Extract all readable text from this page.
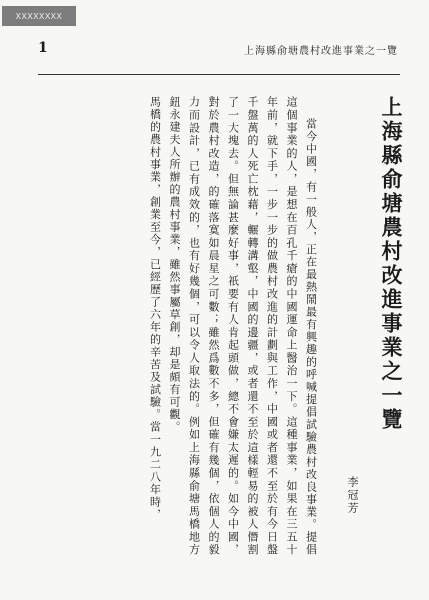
XXXXXXXX
1	上海縣俞塘農村改進事業之一覽
上海縣俞塘農村改進事業之一覽
李冠芳

當今中國，有一般人，正在最熱鬧最有興趣的呼喊提倡試驗農村改良事業。提倡這個事業的人，是想在百孔千瘡的中國運命上醫治一下。這種事業，如果在三五十年前，就下手，一步一步的做農村改進的計劃與工作，中國或者還不至於有今日盤千盤萬的人死亡枕藉，輾轉溝壑，中國的邊疆，或者還不至於這樣輕易的被人僭割了一大塊去。但無論甚麼好事，祇要有人肯起頭做，總不會嫌太遲的。如今中國，對於農村改造，的確落寞如晨星之可數；雖然爲數不多，但確有幾個，依個人的毅力而設計，已有成效的，也有好幾個，可以令人取法的。例如上海縣俞塘馬橋地方鈕永建夫人所辦的農村事業，雖然事屬草創，却是頗有可觀。

馬橋的農村事業，創業至今，已經歷了六年的辛苦及試驗。當一九二八年時，
